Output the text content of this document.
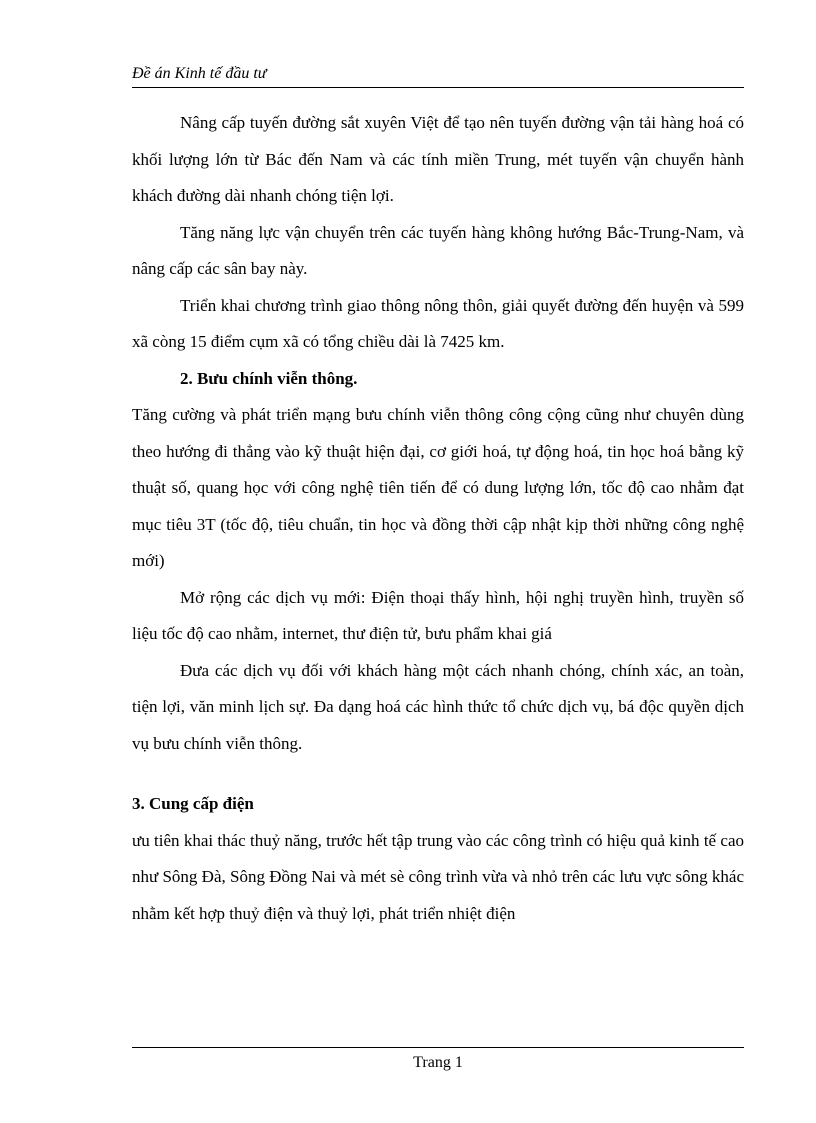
Đề án Kinh tế đầu tư

Nâng cấp tuyến đường sắt xuyên Việt để tạo nên tuyến đường vận tải hàng hoá có khối lượng lớn từ Bác đến Nam và các tính miền Trung, mét tuyến vận chuyển hành khách đường dài nhanh chóng tiện lợi.

Tăng năng lực vận chuyển trên các tuyến hàng không hướng Bắc-Trung-Nam, và nâng cấp các sân bay này.

Triển khai chương trình giao thông nông thôn, giải quyết đường đến huyện và 599 xã còng 15 điểm cụm xã có tổng chiều dài là 7425 km.

2. Bưu chính viễn thông.

Tăng cường và phát triển mạng bưu chính viễn thông công cộng cũng như chuyên dùng theo hướng đi thẳng vào kỹ thuật hiện đại, cơ giới hoá, tự động hoá, tin học hoá bằng kỹ thuật số, quang học với công nghệ tiên tiến để có dung lượng lớn, tốc độ cao nhằm đạt mục tiêu 3T (tốc độ, tiêu chuẩn, tin học và đồng thời cập nhật kịp thời những công nghệ mới)

Mở rộng các dịch vụ mới: Điện thoại thấy hình, hội nghị truyền hình, truyền số liệu tốc độ cao nhằm, internet, thư điện tử, bưu phẩm khai giá

Đưa các dịch vụ đối với khách hàng một cách nhanh chóng, chính xác, an toàn, tiện lợi, văn minh lịch sự. Đa dạng hoá các hình thức tổ chức dịch vụ, bá độc quyền dịch vụ bưu chính viễn thông.

3. Cung cấp điện

ưu tiên khai thác thuỷ năng, trước hết tập trung vào các công trình có hiệu quả kinh tế cao như Sông Đà, Sông Đồng Nai và mét sè công trình vừa và nhỏ trên các lưu vực sông khác nhằm kết hợp thuỷ điện và thuỷ lợi, phát triển nhiệt điện

Trang 1
